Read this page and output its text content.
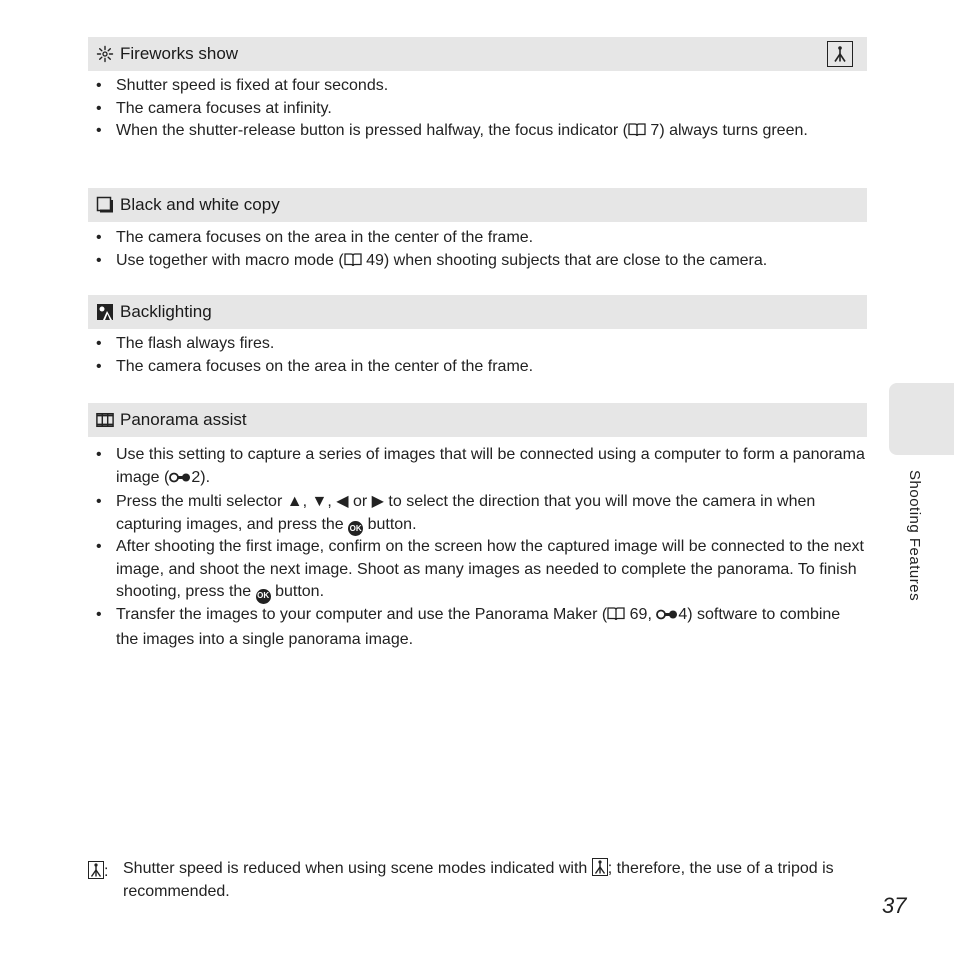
Fireworks show
• Shutter speed is fixed at four seconds.
• The camera focuses at infinity.
• When the shutter-release button is pressed halfway, the focus indicator ( 7) always turns green.
Black and white copy
• The camera focuses on the area in the center of the frame.
• Use together with macro mode ( 49) when shooting subjects that are close to the camera.
Backlighting
• The flash always fires.
• The camera focuses on the area in the center of the frame.
Panorama assist
• Use this setting to capture a series of images that will be connected using a computer to form a panorama image ( 2).
• Press the multi selector ▲, ▼, ◀ or ▶ to select the direction that you will move the camera in when capturing images, and press the OK button.
• After shooting the first image, confirm on the screen how the captured image will be connected to the next image, and shoot the next image. Shoot as many images as needed to complete the panorama. To finish shooting, press the OK button.
• Transfer the images to your computer and use the Panorama Maker ( 69, 4) software to combine the images into a single panorama image.
Shooting Features
: Shutter speed is reduced when using scene modes indicated with
; therefore, the use of a tripod is recommended.
37
